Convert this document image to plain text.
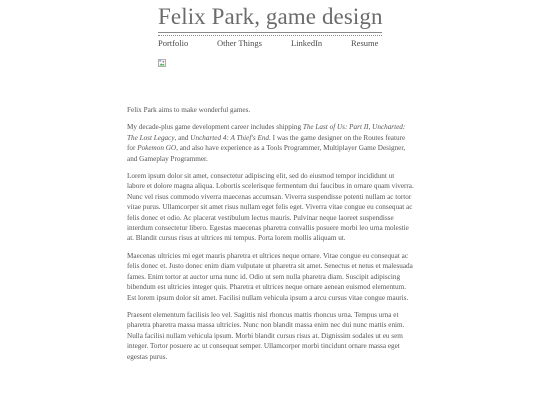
Felix Park, game design
Portfolio	Other Things	LinkedIn	Resume

Felix Park aims to make wonderful games.

My decade-plus game development career includes shipping The Last of Us: Part II, Uncharted: The Lost Legacy, and Uncharted 4: A Thief's End. I was the game designer on the Routes feature for Pokemon GO, and also have experience as a Tools Programmer, Multiplayer Game Designer, and Gameplay Programmer.

Lorem ipsum dolor sit amet, consectetur adipiscing elit, sed do eiusmod tempor incididunt ut labore et dolore magna aliqua. Lobortis scelerisque fermentum dui faucibus in ornare quam viverra. Nunc vel risus commodo viverra maecenas accumsan. Viverra suspendisse potenti nullam ac tortor vitae purus. Ullamcorper sit amet risus nullam eget felis eget. Viverra vitae congue eu consequat ac felis donec et odio. Ac placerat vestibulum lectus mauris. Pulvinar neque laoreet suspendisse interdum consectetur libero. Egestas maecenas pharetra convallis posuere morbi leo urna molestie at. Blandit cursus risus at ultrices mi tempus. Porta lorem mollis aliquam ut.

Maecenas ultricies mi eget mauris pharetra et ultrices neque ornare. Vitae congue eu consequat ac felis donec et. Justo donec enim diam vulputate ut pharetra sit amet. Senectus et netus et malesuada fames. Enim tortor at auctor urna nunc id. Odio ut sem nulla pharetra diam. Suscipit adipiscing bibendum est ultricies integer quis. Pharetra et ultrices neque ornare aenean euismod elementum. Est lorem ipsum dolor sit amet. Facilisi nullam vehicula ipsum a arcu cursus vitae congue mauris.

Praesent elementum facilisis leo vel. Sagittis nisl rhoncus mattis rhoncus urna. Tempus urna et pharetra pharetra massa massa ultricies. Nunc non blandit massa enim nec dui nunc mattis enim. Nulla facilisi nullam vehicula ipsum. Morbi blandit cursus risus at. Dignissim sodales ut eu sem integer. Tortor posuere ac ut consequat semper. Ullamcorper morbi tincidunt ornare massa eget egestas purus.
